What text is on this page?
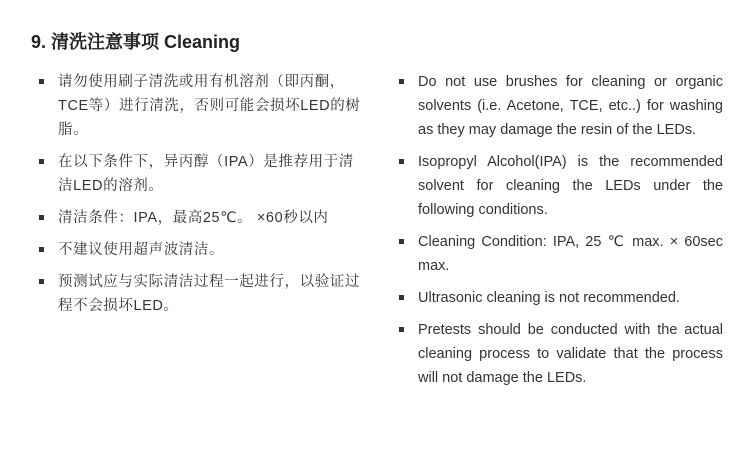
9. 清洗注意事项 Cleaning
请勿使用刷子清洗或用有机溶剂（即丙酮，TCE等）进行清洗，否则可能会损坏LED的树脂。
在以下条件下，异丙醇（IPA）是推荐用于清洁LED的溶剂。
清洁条件：IPA，最高25℃。 ×60秒以内
不建议使用超声波清洁。
预测试应与实际清洁过程一起进行，以验证过程不会损坏LED。
Do not use brushes for cleaning or organic solvents (i.e. Acetone, TCE, etc..) for washing as they may damage the resin of the LEDs.
Isopropyl Alcohol(IPA) is the recommended solvent for cleaning the LEDs under the following conditions.
Cleaning Condition: IPA, 25 ℃ max. × 60sec max.
Ultrasonic cleaning is not recommended.
Pretests should be conducted with the actual cleaning process to validate that the process will not damage the LEDs.
